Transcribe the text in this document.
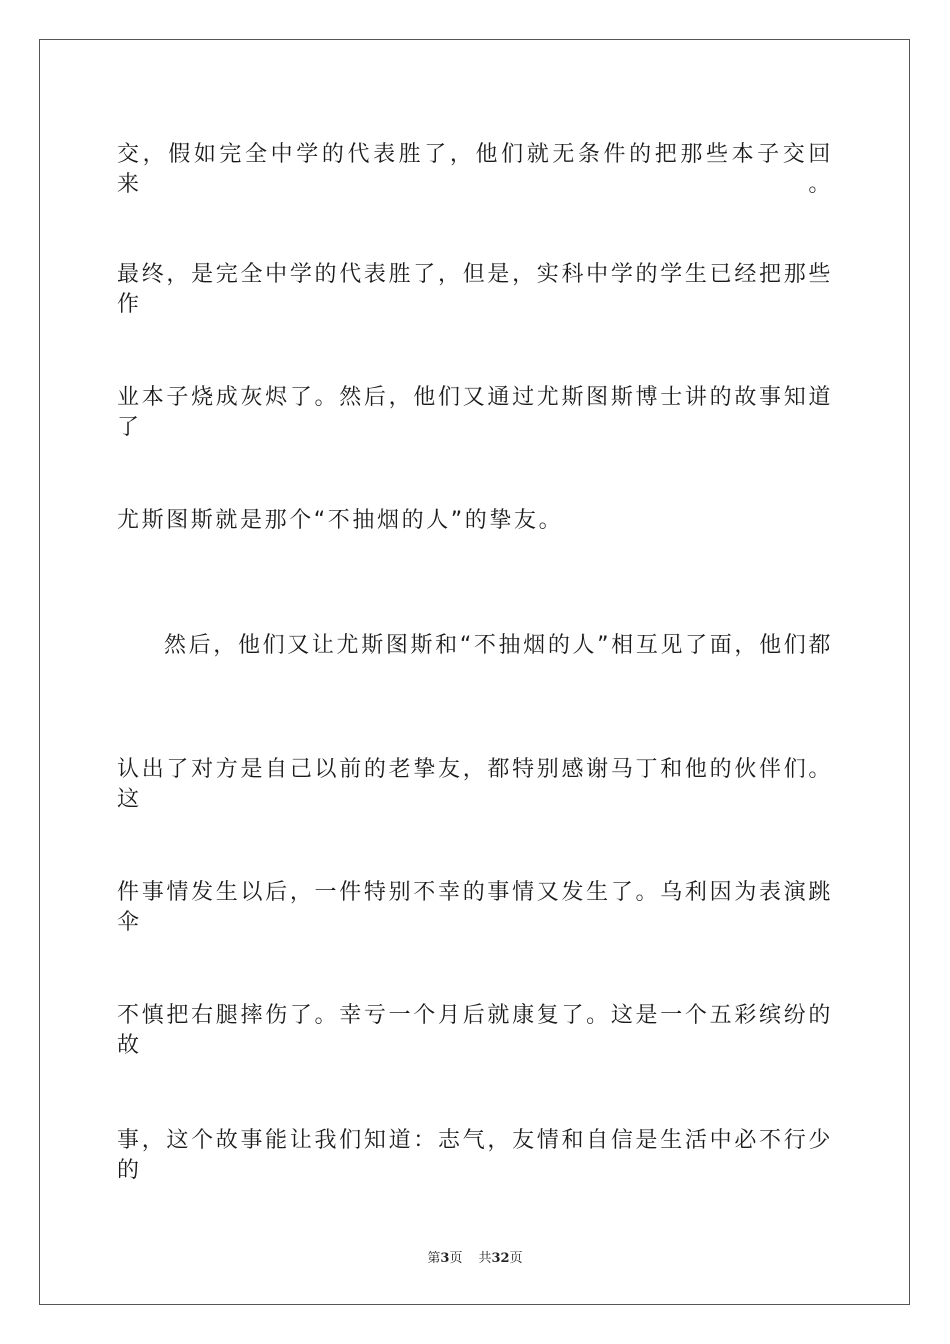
交，假如完全中学的代表胜了，他们就无条件的把那些本子交回来。
最终，是完全中学的代表胜了，但是，实科中学的学生已经把那些作
业本子烧成灰烬了。然后，他们又通过尤斯图斯博士讲的故事知道了
尤斯图斯就是那个“不抽烟的人”的挚友。
然后，他们又让尤斯图斯和“不抽烟的人”相互见了面，他们都
认出了对方是自己以前的老挚友，都特别感谢马丁和他的伙伴们。这
件事情发生以后，一件特别不幸的事情又发生了。乌利因为表演跳伞
不慎把右腿摔伤了。幸亏一个月后就康复了。这是一个五彩缤纷的故
事，这个故事能让我们知道：志气，友情和自信是生活中必不行少的
第3页 共32页
